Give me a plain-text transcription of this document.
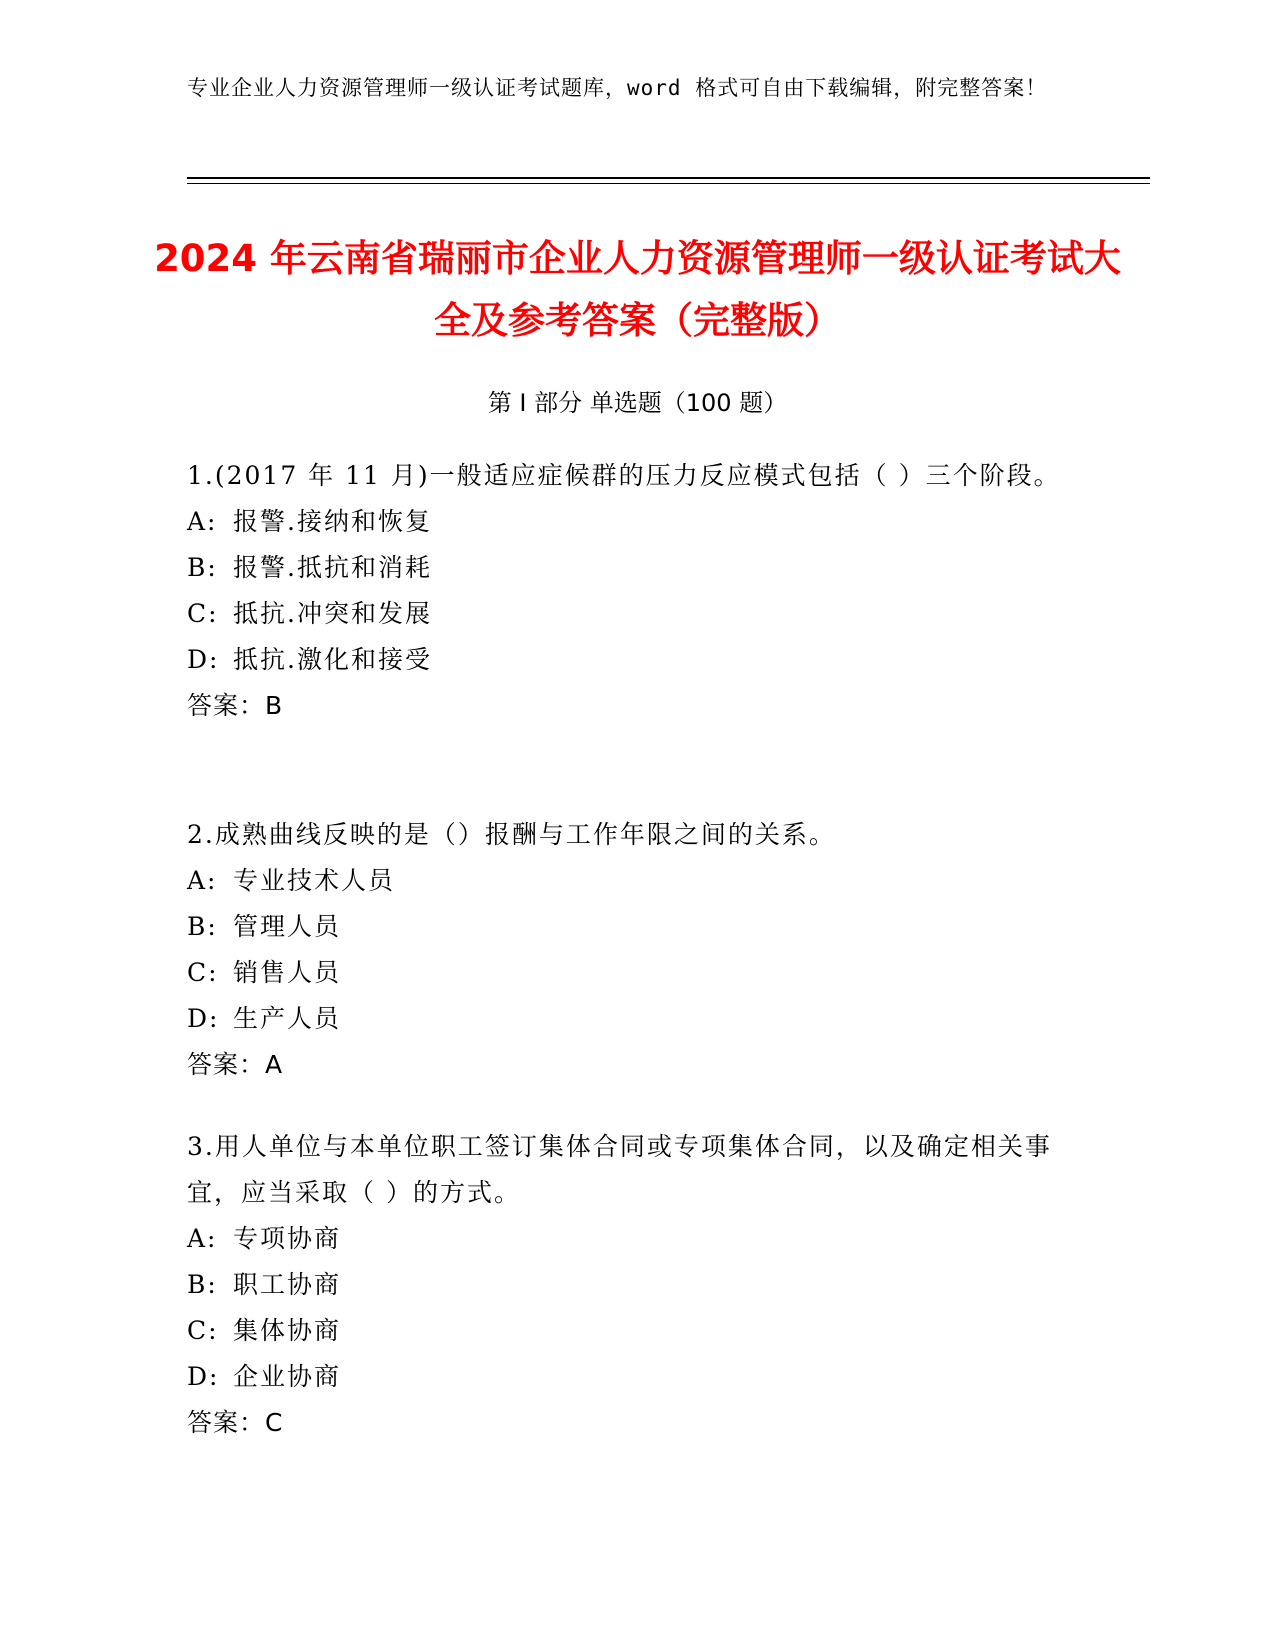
专业企业人力资源管理师一级认证考试题库，word 格式可自由下载编辑，附完整答案！
2024 年云南省瑞丽市企业人力资源管理师一级认证考试大全及参考答案（完整版）
第 I 部分 单选题（100 题）
1.(2017 年 11 月)一般适应症候群的压力反应模式包括（ ）三个阶段。
A: 报警.接纳和恢复
B: 报警.抵抗和消耗
C: 抵抗.冲突和发展
D: 抵抗.激化和接受
答案：B
2.成熟曲线反映的是（）报酬与工作年限之间的关系。
A: 专业技术人员
B: 管理人员
C: 销售人员
D: 生产人员
答案：A
3.用人单位与本单位职工签订集体合同或专项集体合同，以及确定相关事宜，应当采取（ ）的方式。
A: 专项协商
B: 职工协商
C: 集体协商
D: 企业协商
答案：C
